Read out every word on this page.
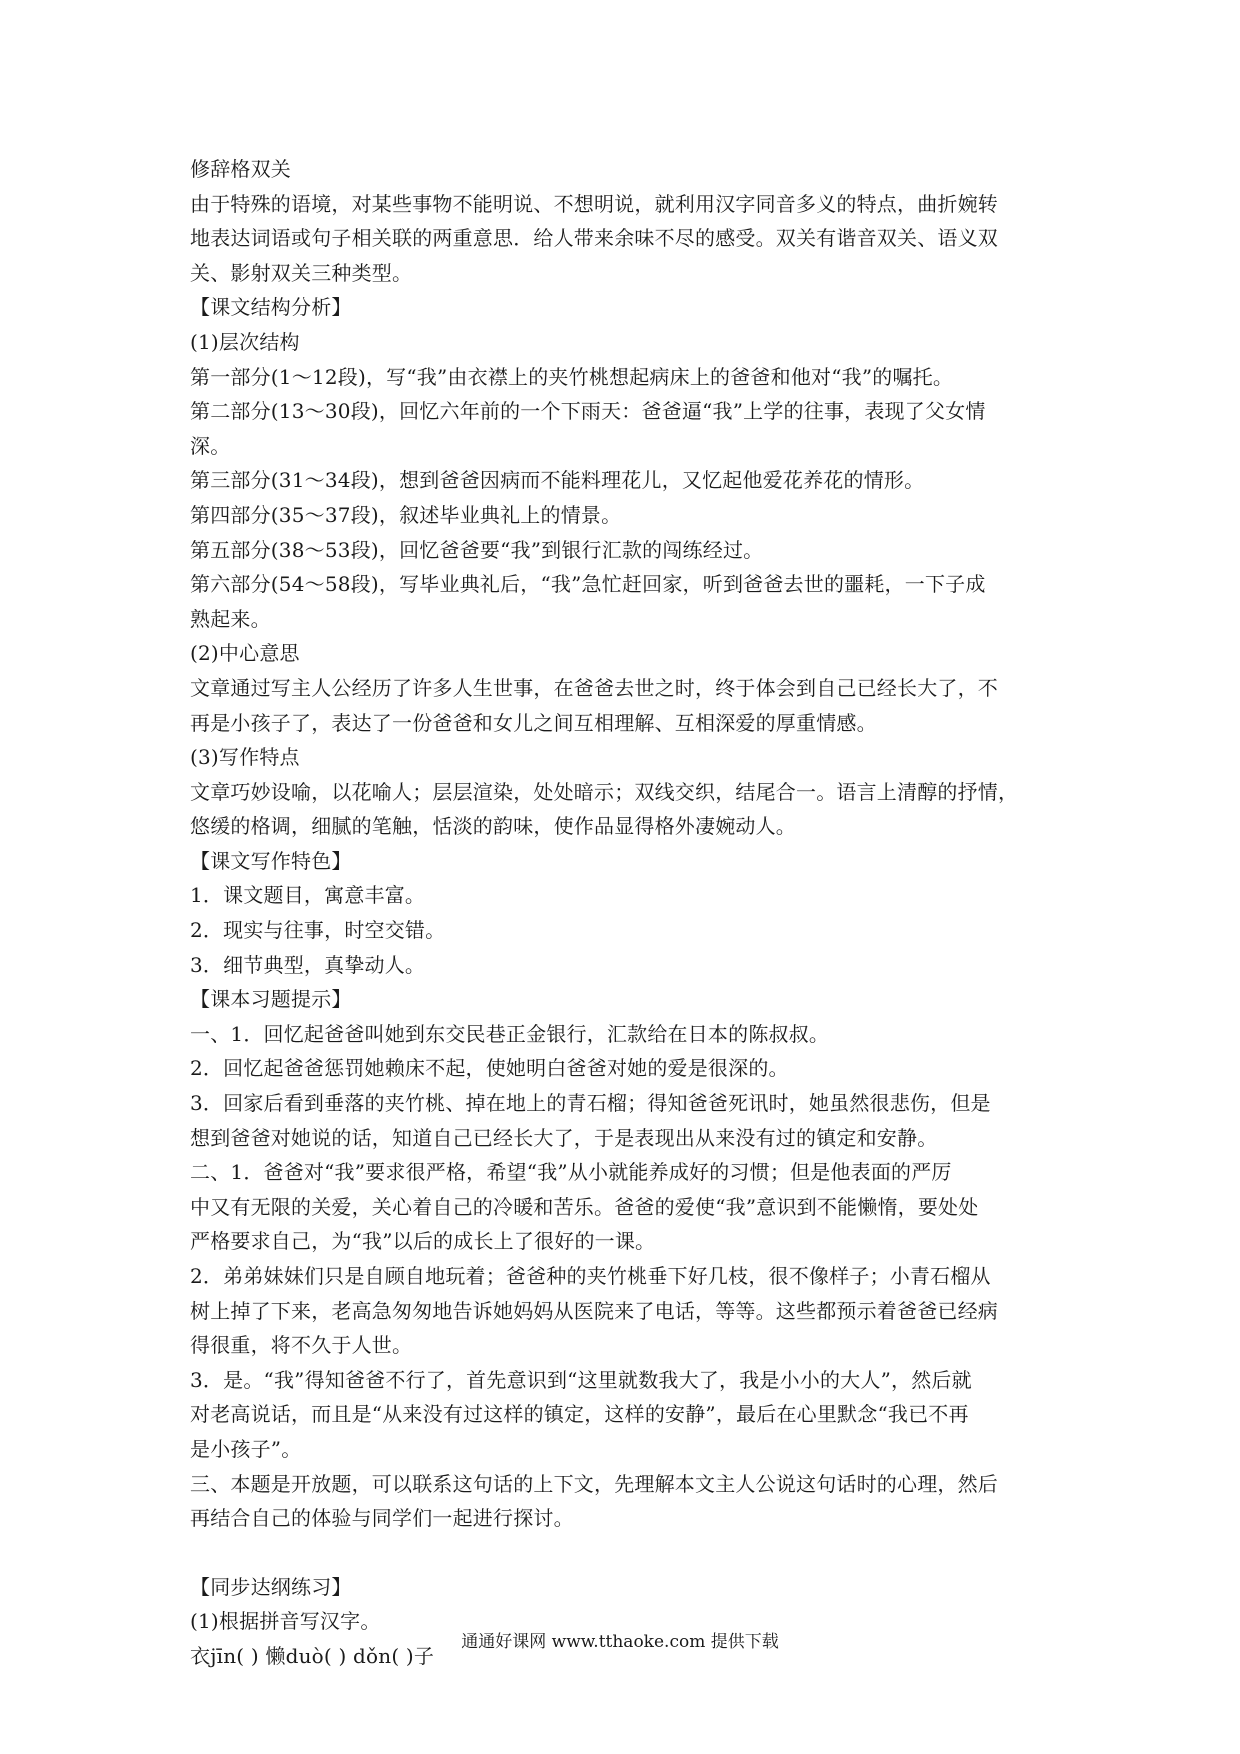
修辞格双关
由于特殊的语境，对某些事物不能明说、不想明说，就利用汉字同音多义的特点，曲折婉转
地表达词语或句子相关联的两重意思．给人带来余味不尽的感受。双关有谐音双关、语义双
关、影射双关三种类型。
【课文结构分析】
(1)层次结构
第一部分(1～12段)，写“我”由衣襟上的夹竹桃想起病床上的爸爸和他对“我”的嘱托。
第二部分(13～30段)，回忆六年前的一个下雨天：爸爸逼“我”上学的往事，表现了父女情
深。
第三部分(31～34段)，想到爸爸因病而不能料理花儿，又忆起他爱花养花的情形。
第四部分(35～37段)，叙述毕业典礼上的情景。
第五部分(38～53段)，回忆爸爸要“我”到银行汇款的闯练经过。
第六部分(54～58段)，写毕业典礼后，“我”急忙赶回家，听到爸爸去世的噩耗，一下子成
熟起来。
(2)中心意思
文章通过写主人公经历了许多人生世事，在爸爸去世之时，终于体会到自己已经长大了，不
再是小孩子了，表达了一份爸爸和女儿之间互相理解、互相深爱的厚重情感。
(3)写作特点
文章巧妙设喻，以花喻人；层层渲染，处处暗示；双线交织，结尾合一。语言上清醇的抒情，
悠缓的格调，细腻的笔触，恬淡的韵味，使作品显得格外凄婉动人。
【课文写作特色】
1．课文题目，寓意丰富。
2．现实与往事，时空交错。
3．细节典型，真挚动人。
【课本习题提示】
一、1．回忆起爸爸叫她到东交民巷正金银行，汇款给在日本的陈叔叔。
2．回忆起爸爸惩罚她赖床不起，使她明白爸爸对她的爱是很深的。
3．回家后看到垂落的夹竹桃、掉在地上的青石榴；得知爸爸死讯时，她虽然很悲伤，但是
想到爸爸对她说的话，知道自己已经长大了，于是表现出从来没有过的镇定和安静。
二、1．爸爸对“我”要求很严格，希望“我”从小就能养成好的习惯；但是他表面的严厉
中又有无限的关爱，关心着自己的冷暖和苦乐。爸爸的爱使“我”意识到不能懒惰，要处处
严格要求自己，为“我”以后的成长上了很好的一课。
2．弟弟妹妹们只是自顾自地玩着；爸爸种的夹竹桃垂下好几枝，很不像样子；小青石榴从
树上掉了下来，老高急匆匆地告诉她妈妈从医院来了电话，等等。这些都预示着爸爸已经病
得很重，将不久于人世。
3．是。“我”得知爸爸不行了，首先意识到“这里就数我大了，我是小小的大人”，然后就
对老高说话，而且是“从来没有过这样的镇定，这样的安静”，最后在心里默念“我已不再
是小孩子”。
三、本题是开放题，可以联系这句话的上下文，先理解本文主人公说这句话时的心理，然后
再结合自己的体验与同学们一起进行探讨。
【同步达纲练习】
(1)根据拼音写汉字。
衣jīn( ) 懒duò( ) dǒn( )子
通通好课网 www.tthaoke.com 提供下载
